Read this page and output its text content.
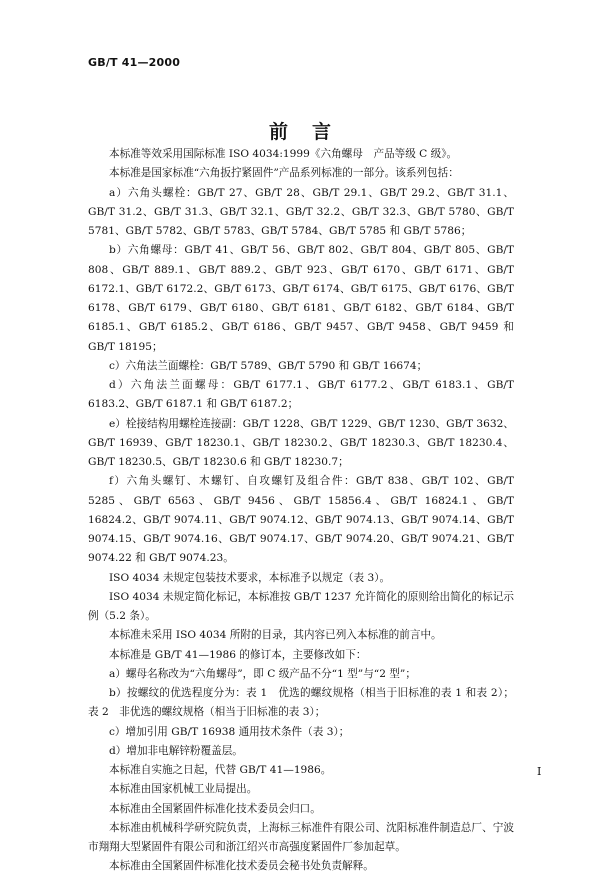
GB/T 41—2000
前言

本标准等效采用国际标准 ISO 4034:1999《六角螺母　产品等级 C 级》。

本标准是国家标准“六角扳拧紧固件”产品系列标准的一部分。该系列包括：

a）六角头螺栓：GB/T 27、GB/T 28、GB/T 29.1、GB/T 29.2、GB/T 31.1、GB/T 31.2、GB/T 31.3、GB/T 32.1、GB/T 32.2、GB/T 32.3、GB/T 5780、GB/T 5781、GB/T 5782、GB/T 5783、GB/T 5784、GB/T 5785 和 GB/T 5786；

b）六角螺母：GB/T 41、GB/T 56、GB/T 802、GB/T 804、GB/T 805、GB/T 808、GB/T 889.1、GB/T 889.2、GB/T 923、GB/T 6170、GB/T 6171、GB/T 6172.1、GB/T 6172.2、GB/T 6173、GB/T 6174、GB/T 6175、GB/T 6176、GB/T 6178、GB/T 6179、GB/T 6180、GB/T 6181、GB/T 6182、GB/T 6184、GB/T 6185.1、GB/T 6185.2、GB/T 6186、GB/T 9457、GB/T 9458、GB/T 9459 和 GB/T 18195；

c）六角法兰面螺栓：GB/T 5789、GB/T 5790 和 GB/T 16674；

d）六角法兰面螺母：GB/T 6177.1、GB/T 6177.2、GB/T 6183.1、GB/T 6183.2、GB/T 6187.1 和 GB/T 6187.2；

e）栓接结构用螺栓连接副：GB/T 1228、GB/T 1229、GB/T 1230、GB/T 3632、GB/T 16939、GB/T 18230.1、GB/T 18230.2、GB/T 18230.3、GB/T 18230.4、GB/T 18230.5、GB/T 18230.6 和 GB/T 18230.7；

f）六角头螺钉、木螺钉、自攻螺钉及组合件：GB/T 838、GB/T 102、GB/T 5285、GB/T 6563、GB/T 9456、GB/T 15856.4、GB/T 16824.1、GB/T 16824.2、GB/T 9074.11、GB/T 9074.12、GB/T 9074.13、GB/T 9074.14、GB/T 9074.15、GB/T 9074.16、GB/T 9074.17、GB/T 9074.20、GB/T 9074.21、GB/T 9074.22 和 GB/T 9074.23。

ISO 4034 未规定包装技术要求，本标准予以规定（表 3）。

ISO 4034 未规定简化标记，本标准按 GB/T 1237 允许简化的原则给出简化的标记示例（5.2 条）。

本标准未采用 ISO 4034 所附的目录，其内容已列入本标准的前言中。

本标准是 GB/T 41—1986 的修订本，主要修改如下：

a）螺母名称改为“六角螺母”，即 C 级产品不分“1 型”与“2 型”；

b）按螺纹的优选程度分为：表 1　优选的螺纹规格（相当于旧标准的表 1 和表 2）；表 2　非优选的螺纹规格（相当于旧标准的表 3）；

c）增加引用 GB/T 16938 通用技术条件（表 3）；

d）增加非电解锌粉覆盖层。

本标准自实施之日起，代替 GB/T 41—1986。

本标准由国家机械工业局提出。

本标准由全国紧固件标准化技术委员会归口。

本标准由机械科学研究院负责，上海标三标准件有限公司、沈阳标准件制造总厂、宁波市翔翔大型紧固件有限公司和浙江绍兴市高强度紧固件厂参加起草。

本标准由全国紧固件标准化技术委员会秘书处负责解释。

I
